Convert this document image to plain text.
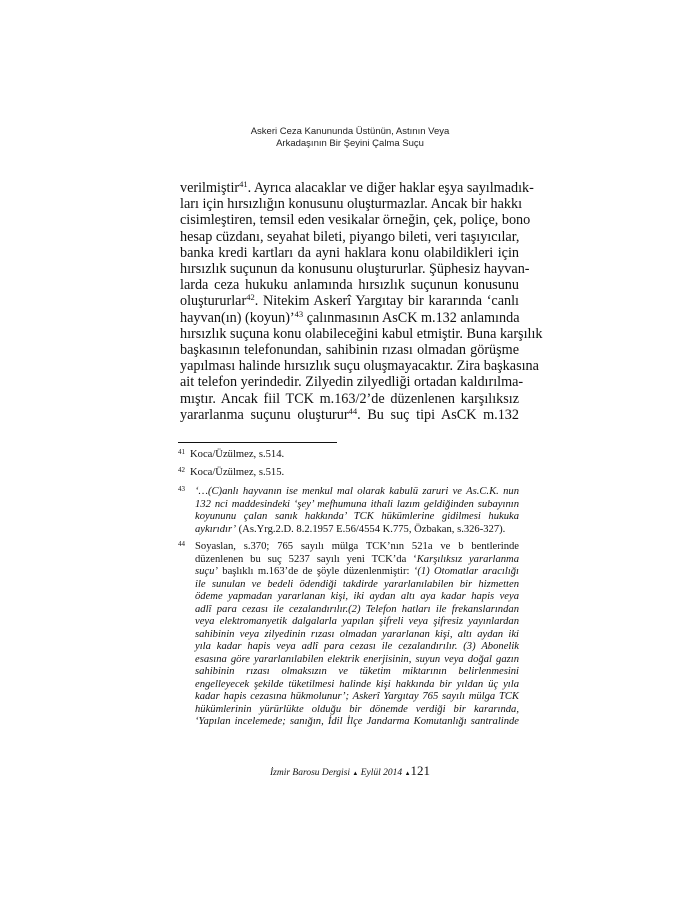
Askeri Ceza Kanununda Üstünün, Astının Veya
Arkadaşının Bir Şeyini Çalma Suçu
verilmiştir$^{41}$. Ayrıca alacaklar ve diğer haklar eşya sayılmadık-
ları için hırsızlığın konusunu oluşturmazlar. Ancak bir hakkı
cisimleştiren, temsil eden vesikalar örneğin, çek, poliçe, bono
hesap cüzdanı, seyahat bileti, piyango bileti, veri taşıyıcılar,
banka kredi kartları da ayni haklara konu olabildikleri için
hırsızlık suçunun da konusunu oluştururlar. Şüphesiz hayvan-
larda ceza hukuku anlamında hırsızlık suçunun konusunu
oluştururlar$^{42}$. Nitekim Askerî Yargıtay bir kararında ‘canlı
hayvan(ın) (koyun)’$^{43}$ çalınmasının AsCK m.132 anlamında
hırsızlık suçuna konu olabileceğini kabul etmiştir. Buna karşılık
başkasının telefonundan, sahibinin rızası olmadan görüşme
yapılması halinde hırsızlık suçu oluşmayacaktır. Zira başkasına
ait telefon yerindedir. Zilyedin zilyedliği ortadan kaldırılma-
mıştır. Ancak fiil TCK m.163/2’de düzenlenen karşılıksız
yararlanma suçunu oluşturur$^{44}$. Bu suç tipi AsCK m.132
41 Koca/Üzülmez, s.514.
42 Koca/Üzülmez, s.515.
43 ‘…(C)anlı hayvanın ise menkul mal olarak kabulü zaruri ve As.C.K. nun
132 nci maddesindeki ‘şey’ mefhumuna ithali lazım geldiğinden subayının
koyununu çalan sanık hakkında’ TCK hükümlerine gidilmesi hukuka
aykırıdır’ (As.Yrg.2.D. 8.2.1957 E.56/4554 K.775, Özbakan, s.326-327).
44 Soyaslan, s.370; 765 sayılı mülga TCK’nın 521a ve b bentlerinde
düzenlenen bu suç 5237 sayılı yeni TCK’da ‘Karşılıksız yararlanma
suçu’ başlıklı m.163’de de şöyle düzenlenmiştir: ‘(1) Otomatlar aracılığı
ile sunulan ve bedeli ödendiği takdirde yararlanılabilen bir hizmetten
ödeme yapmadan yararlanan kişi, iki aydan altı aya kadar hapis veya
adlî para cezası ile cezalandırılır.(2) Telefon hatları ile frekanslarından
veya elektromanyetik dalgalarla yapılan şifreli veya şifresiz yayınlardan
sahibinin veya zilyedinin rızası olmadan yararlanan kişi, altı aydan iki
yıla kadar hapis veya adlî para cezası ile cezalandırılır. (3) Abonelik
esasına göre yararlanılabilen elektrik enerjisinin, suyun veya doğal gazın
sahibinin rızası olmaksızın ve tüketim miktarının belirlenmesini
engelleyecek şekilde tüketilmesi halinde kişi hakkında bir yıldan üç yıla
kadar hapis cezasına hükmolunur’; Askerî Yargıtay 765 sayılı mülga TCK
hükümlerinin yürürlükte olduğu bir dönemde verdiği bir kararında,
‘Yapılan incelemede; sanığın, İdil İlçe Jandarma Komutanlığı santralinde
İzmir Barosu Dergisi ▲ Eylül 2014 ▲121
